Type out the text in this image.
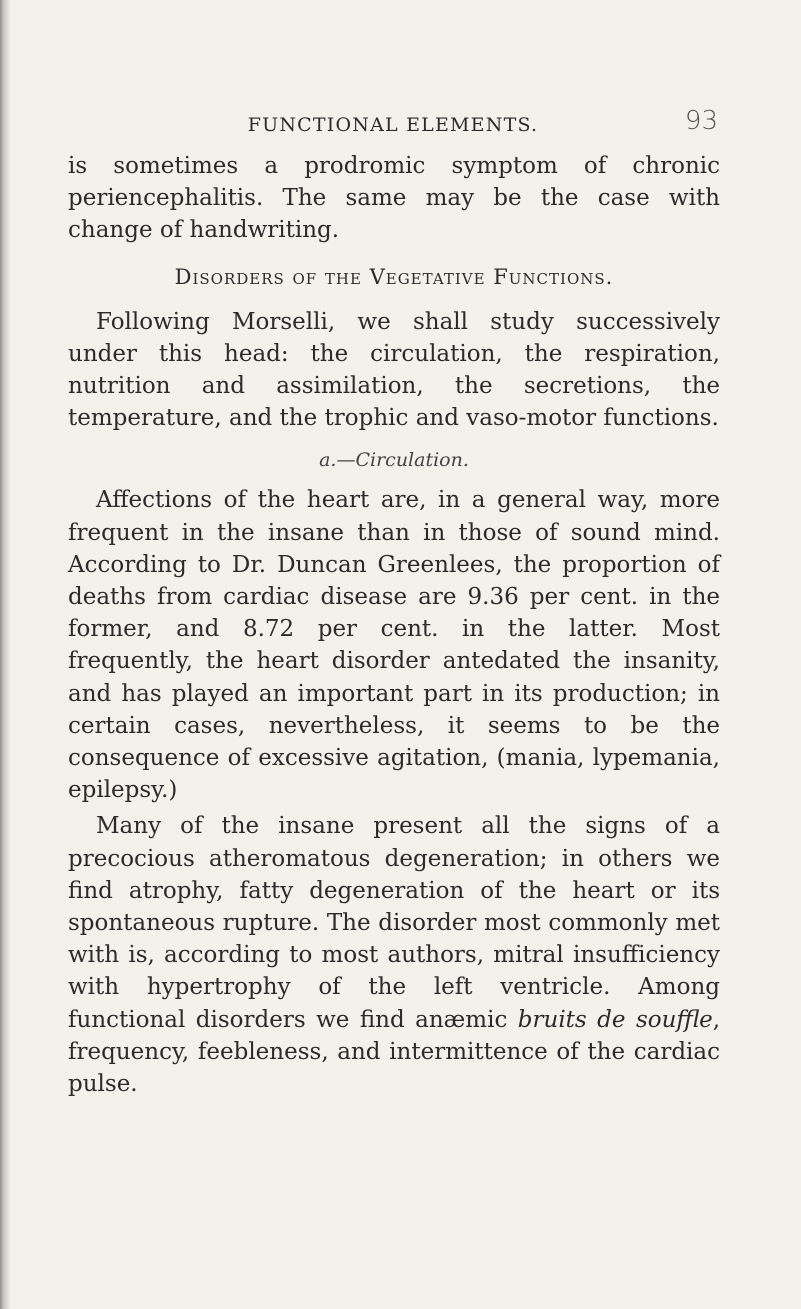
FUNCTIONAL ELEMENTS.	93

is sometimes a prodromic symptom of chronic periencephalitis. The same may be the case with change of handwriting.

Disorders of the Vegetative Functions.

Following Morselli, we shall study successively under this head: the circulation, the respiration, nutrition and assimilation, the secretions, the temperature, and the trophic and vaso-motor functions.

a.—Circulation.

Affections of the heart are, in a general way, more frequent in the insane than in those of sound mind. According to Dr. Duncan Greenlees, the proportion of deaths from cardiac disease are 9.36 per cent. in the former, and 8.72 per cent. in the latter. Most frequently, the heart disorder antedated the insanity, and has played an important part in its production; in certain cases, nevertheless, it seems to be the consequence of excessive agitation, (mania, lypemania, epilepsy.)

Many of the insane present all the signs of a precocious atheromatous degeneration; in others we find atrophy, fatty degeneration of the heart or its spontaneous rupture. The disorder most commonly met with is, according to most authors, mitral insufficiency with hypertrophy of the left ventricle. Among functional disorders we find anæmic bruits de souffle, frequency, feebleness, and intermittence of the cardiac pulse.
